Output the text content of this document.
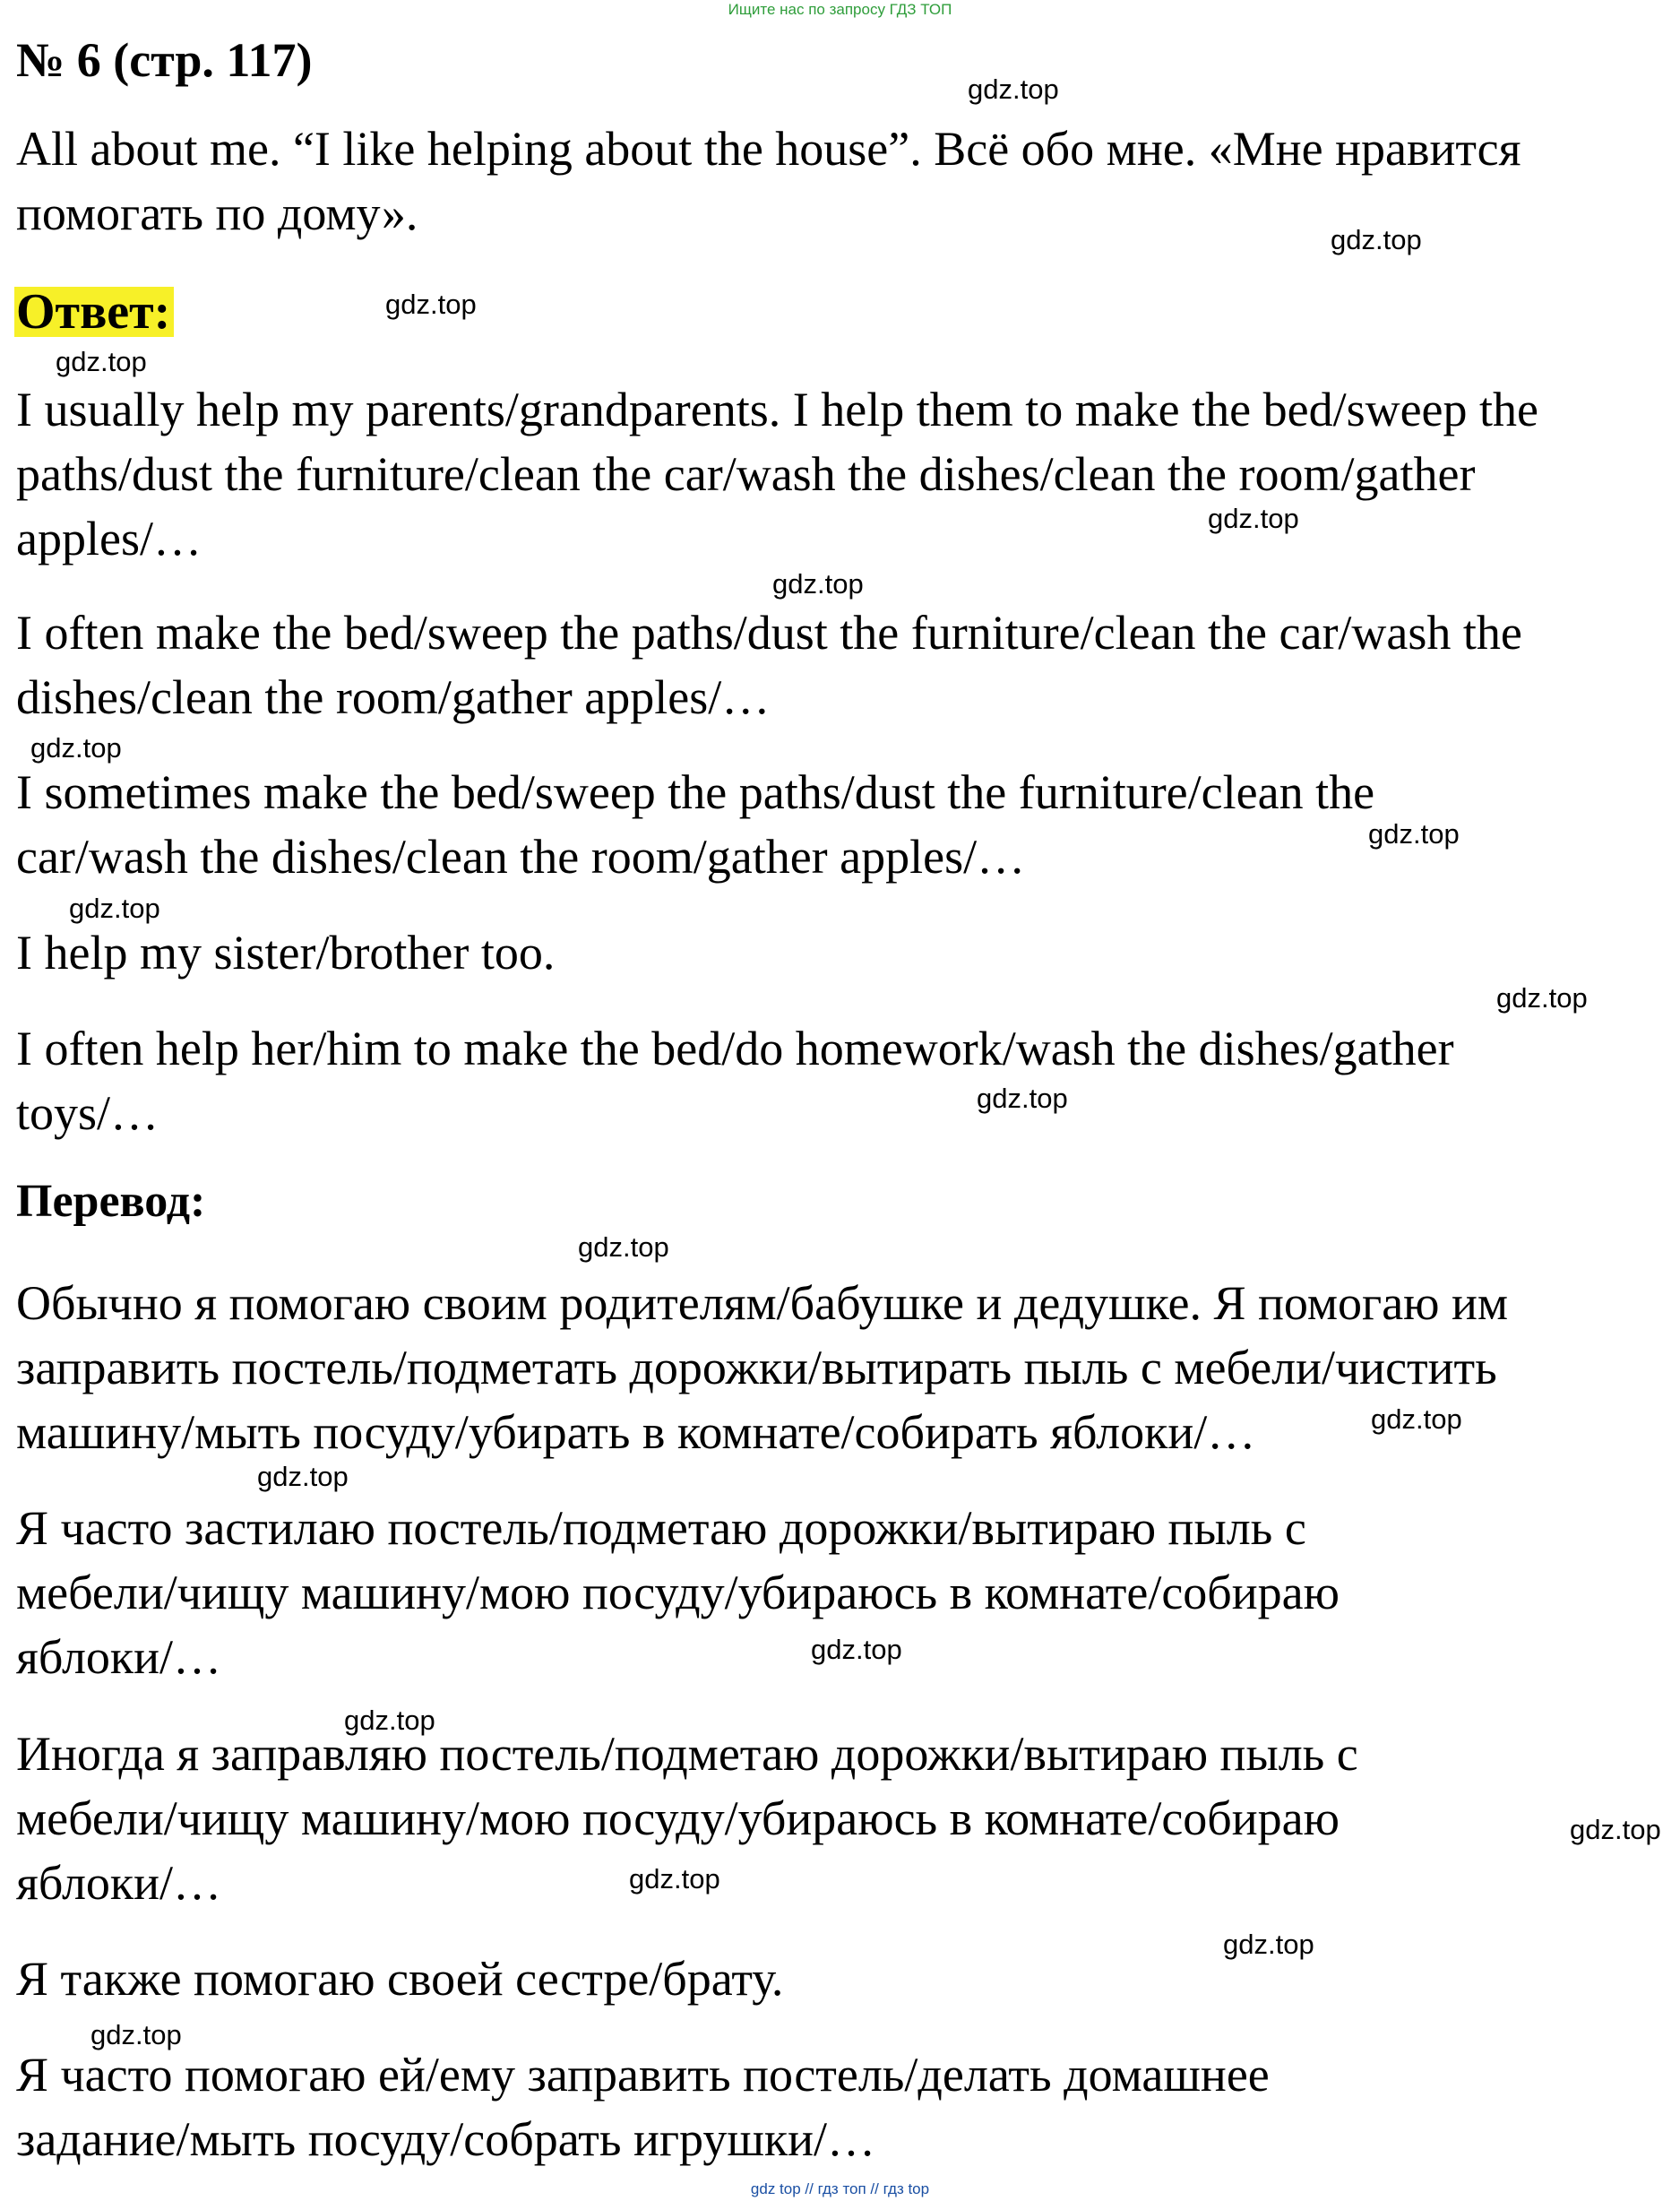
Ищите нас по запросу ГДЗ ТОП
№ 6 (стр. 117)

All about me. “I like helping about the house”. Всё обо мне. «Мне нравится
помогать по дому».

Ответ:

I usually help my parents/grandparents. I help them to make the bed/sweep the
paths/dust the furniture/clean the car/wash the dishes/clean the room/gather
apples/…

I often make the bed/sweep the paths/dust the furniture/clean the car/wash the
dishes/clean the room/gather apples/…

I sometimes make the bed/sweep the paths/dust the furniture/clean the
car/wash the dishes/clean the room/gather apples/…

I help my sister/brother too.

I often help her/him to make the bed/do homework/wash the dishes/gather
toys/…

Перевод:

Обычно я помогаю своим родителям/бабушке и дедушке. Я помогаю им
заправить постель/подметать дорожки/вытирать пыль с мебели/чистить
машину/мыть посуду/убирать в комнате/собирать яблоки/…

Я часто застилаю постель/подметаю дорожки/вытираю пыль с
мебели/чищу машину/мою посуду/убираюсь в комнате/собираю
яблоки/…

Иногда я заправляю постель/подметаю дорожки/вытираю пыль с
мебели/чищу машину/мою посуду/убираюсь в комнате/собираю
яблоки/…

Я также помогаю своей сестре/брату.

Я часто помогаю ей/ему заправить постель/делать домашнее
задание/мыть посуду/собрать игрушки/…

gdz.top
gdz.top
gdz.top
gdz.top
gdz.top
gdz.top
gdz.top
gdz.top
gdz.top
gdz.top
gdz.top
gdz.top
gdz.top
gdz.top
gdz.top
gdz.top
gdz.top
gdz.top
gdz.top
gdz.top
gdz top // гдз топ // гдз top
